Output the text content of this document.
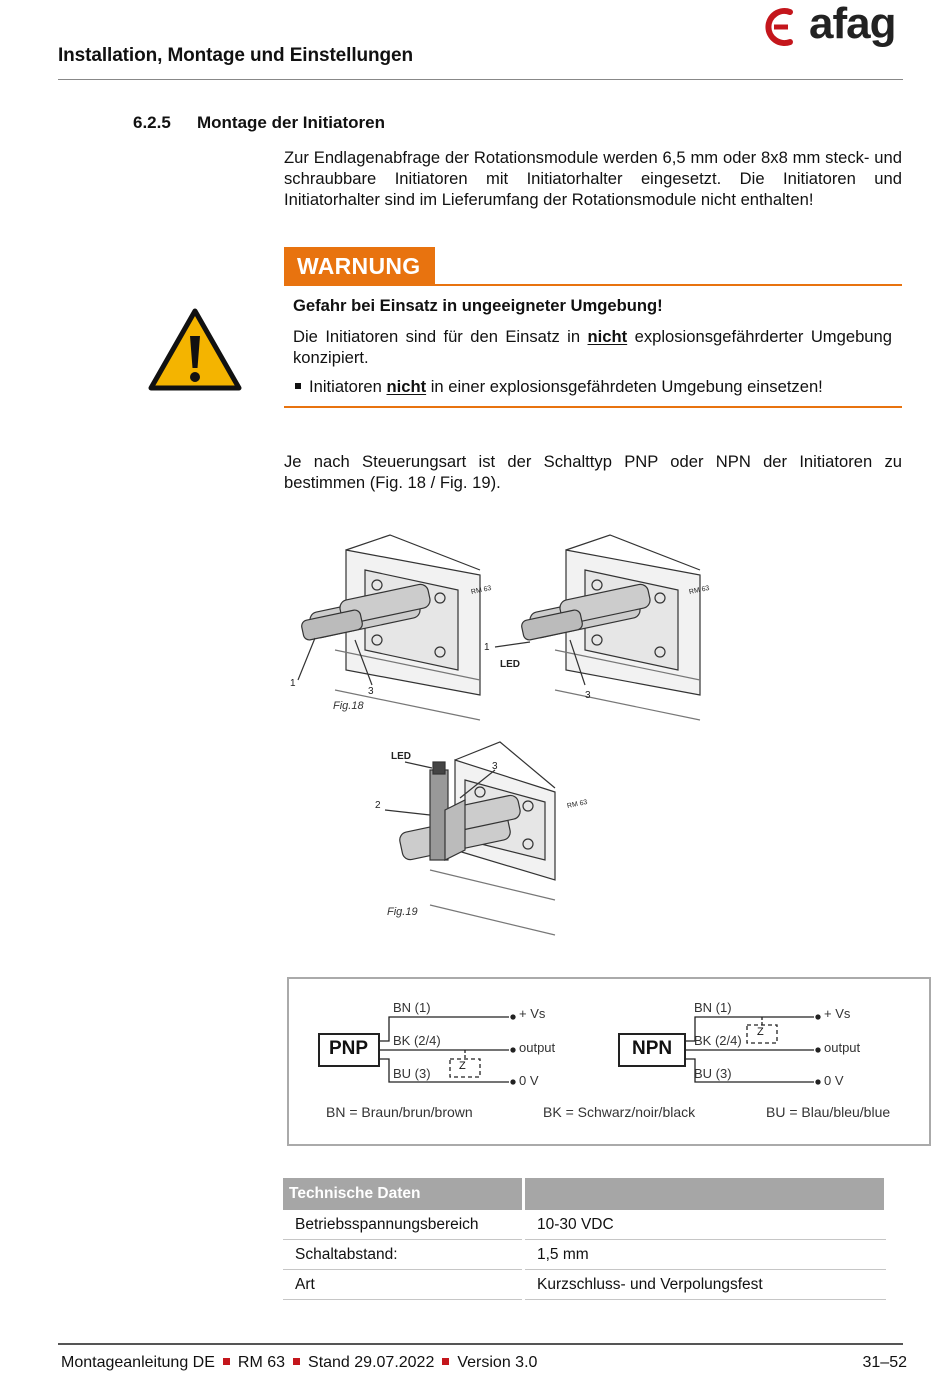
Installation, Montage und Einstellungen
afag
6.2.5 Montage der Initiatoren
Zur Endlagenabfrage der Rotationsmodule werden 6,5 mm oder 8x8 mm steck- und schraubbare Initiatoren mit Initiatorhalter eingesetzt. Die Initiatoren und Initiatorhalter sind im Lieferumfang der Rotationsmodule nicht enthalten!
WARNUNG
Gefahr bei Einsatz in ungeeigneter Umgebung!
Die Initiatoren sind für den Einsatz in nicht explosionsgefährderter Umgebung konzipiert.
Initiatoren nicht in einer explosionsgefährdeten Umgebung einsetzen!
Je nach Steuerungsart ist der Schalttyp PNP oder NPN der Initiatoren zu bestimmen (Fig. 18 / Fig. 19).
1
3
1
LED
3
Fig.18
RM 63	RM 63
LED
3
2	RM 63
Fig.19
PNP	NPN
BN (1)
BK (2/4)
BU (3)	Z
+ Vs
output
0 V
BN (1)
BK (2/4)
BU (3)
Z
+ Vs
output
0 V
BN = Braun/brun/brown	BK = Schwarz/noir/black	BU = Blau/bleu/blue
Technische Daten	
Betriebsspannungsbereich	10-30 VDC
Schaltabstand:	1,5 mm
Art	Kurzschluss- und Verpolungsfest
Montageanleitung DE RM 63 Stand 29.07.2022 Version 3.0	31–52
